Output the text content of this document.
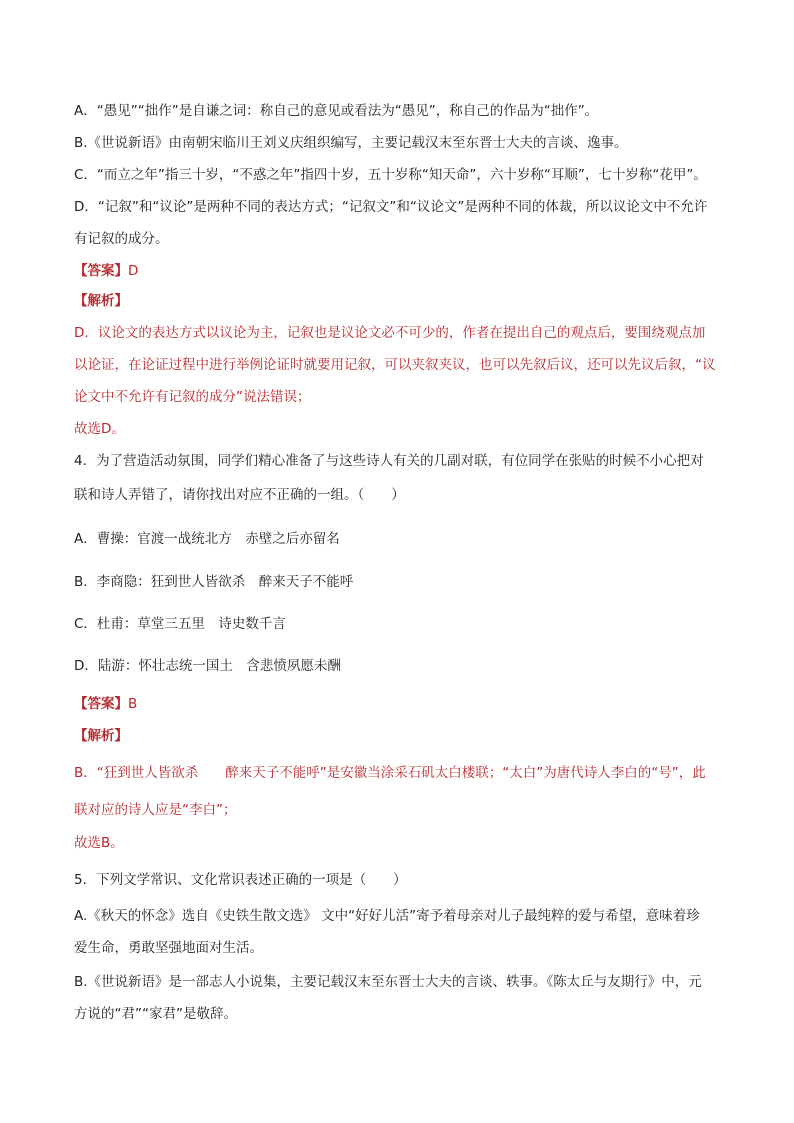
A．“愚见”“拙作”是自谦之词：称自己的意见或看法为“愚见”，称自己的作品为“拙作”。
B.《世说新语》由南朝宋临川王刘义庆组织编写，主要记载汉末至东晋士大夫的言谈、逸事。
C．“而立之年”指三十岁，“不惑之年”指四十岁，五十岁称“知天命”，六十岁称“耳顺”，七十岁称“花甲”。
D．“记叙”和“议论”是两种不同的表达方式；“记叙文”和“议论文”是两种不同的体裁，所以议论文中不允许
有记叙的成分。
【答案】D
【解析】
D．议论文的表达方式以议论为主，记叙也是议论文必不可少的，作者在提出自己的观点后，要围绕观点加
以论证，在论证过程中进行举例论证时就要用记叙，可以夹叙夹议，也可以先叙后议，还可以先议后叙，“议
论文中不允许有记叙的成分”说法错误；
故选D。
4．为了营造活动氛围，同学们精心准备了与这些诗人有关的几副对联，有位同学在张贴的时候不小心把对
联和诗人弄错了，请你找出对应不正确的一组。（　　）
A．曹操：官渡一战统北方　赤壁之后亦留名
B．李商隐：狂到世人皆欲杀　醉来天子不能呼
C．杜甫：草堂三五里　诗史数千言
D．陆游：怀壮志统一国土　含悲愤夙愿未酬
【答案】B
【解析】
B．“狂到世人皆欲杀　　醉来天子不能呼”是安徽当涂采石矶太白楼联；“太白”为唐代诗人李白的“号”，此
联对应的诗人应是“李白”；
故选B。
5．下列文学常识、文化常识表述正确的一项是（　　）
A.《秋天的怀念》选自《史铁生散文选》 文中“好好儿活”寄予着母亲对儿子最纯粹的爱与希望，意味着珍
爱生命，勇敢坚强地面对生活。
B.《世说新语》是一部志人小说集，主要记载汉末至东晋士大夫的言谈、轶事。《陈太丘与友期行》中，元
方说的“君”“家君”是敬辞。
